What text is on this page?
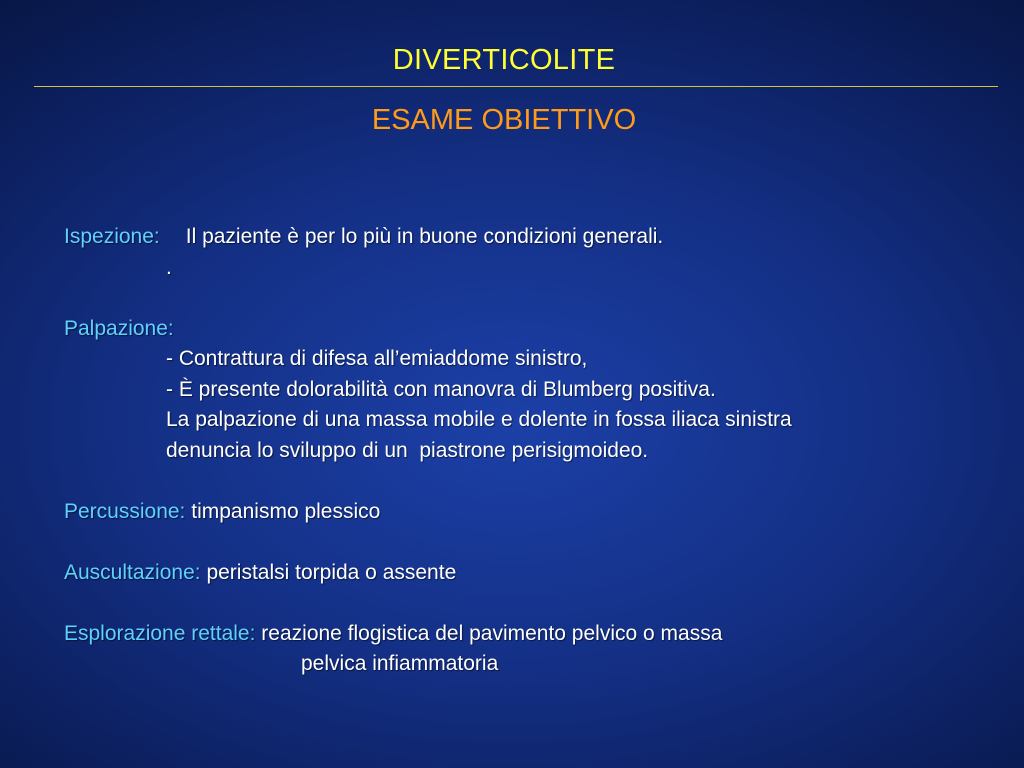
DIVERTICOLITE
ESAME OBIETTIVO
Ispezione: Il paziente è per lo più in buone condizioni generali.
.
Palpazione:
- Contrattura di difesa all’emiaddome sinistro,
- È presente dolorabilità con manovra di Blumberg positiva.
La palpazione di una massa mobile e dolente in fossa iliaca sinistra
denuncia lo sviluppo di un  piastrone perisigmoideo.
Percussione: timpanismo plessico
Auscultazione: peristalsi torpida o assente
Esplorazione rettale: reazione flogistica del pavimento pelvico o massa
pelvica infiammatoria
